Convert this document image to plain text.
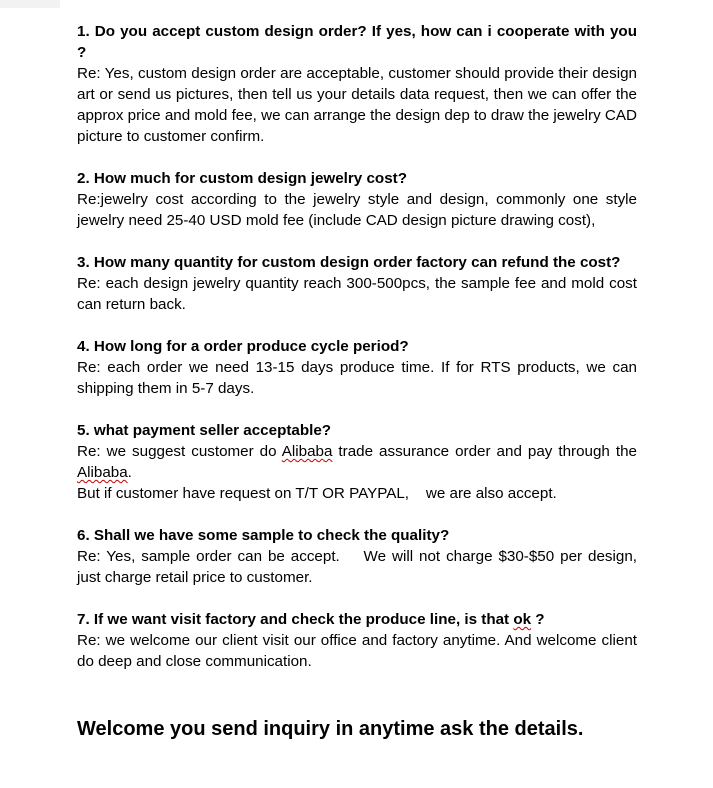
1. Do you accept custom design order? If yes, how can i cooperate with you ?

Re: Yes, custom design order are acceptable, customer should provide their design art or send us pictures, then tell us your details data request, then we can offer the approx price and mold fee, we can arrange the design dep to draw the jewelry CAD picture to customer confirm.

2. How much for custom design jewelry cost?

Re:jewelry cost according to the jewelry style and design, commonly one style jewelry need 25-40 USD mold fee (include CAD design picture drawing cost),

3. How many quantity for custom design order factory can refund the cost?

Re: each design jewelry quantity reach 300-500pcs, the sample fee and mold cost can return back.

4. How long for a order produce cycle period?

Re: each order we need 13-15 days produce time. If for RTS products, we can shipping them in 5-7 days.

5. what payment seller acceptable?

Re: we suggest customer do Alibaba trade assurance order and pay through the Alibaba.

But if customer have request on T/T OR PAYPAL,    we are also accept.

6. Shall we have some sample to check the quality?

Re: Yes, sample order can be accept.    We will not charge $30-$50 per design, just charge retail price to customer.

7. If we want visit factory and check the produce line, is that ok ?

Re: we welcome our client visit our office and factory anytime. And welcome client do deep and close communication.

Welcome you send inquiry in anytime ask the details.
